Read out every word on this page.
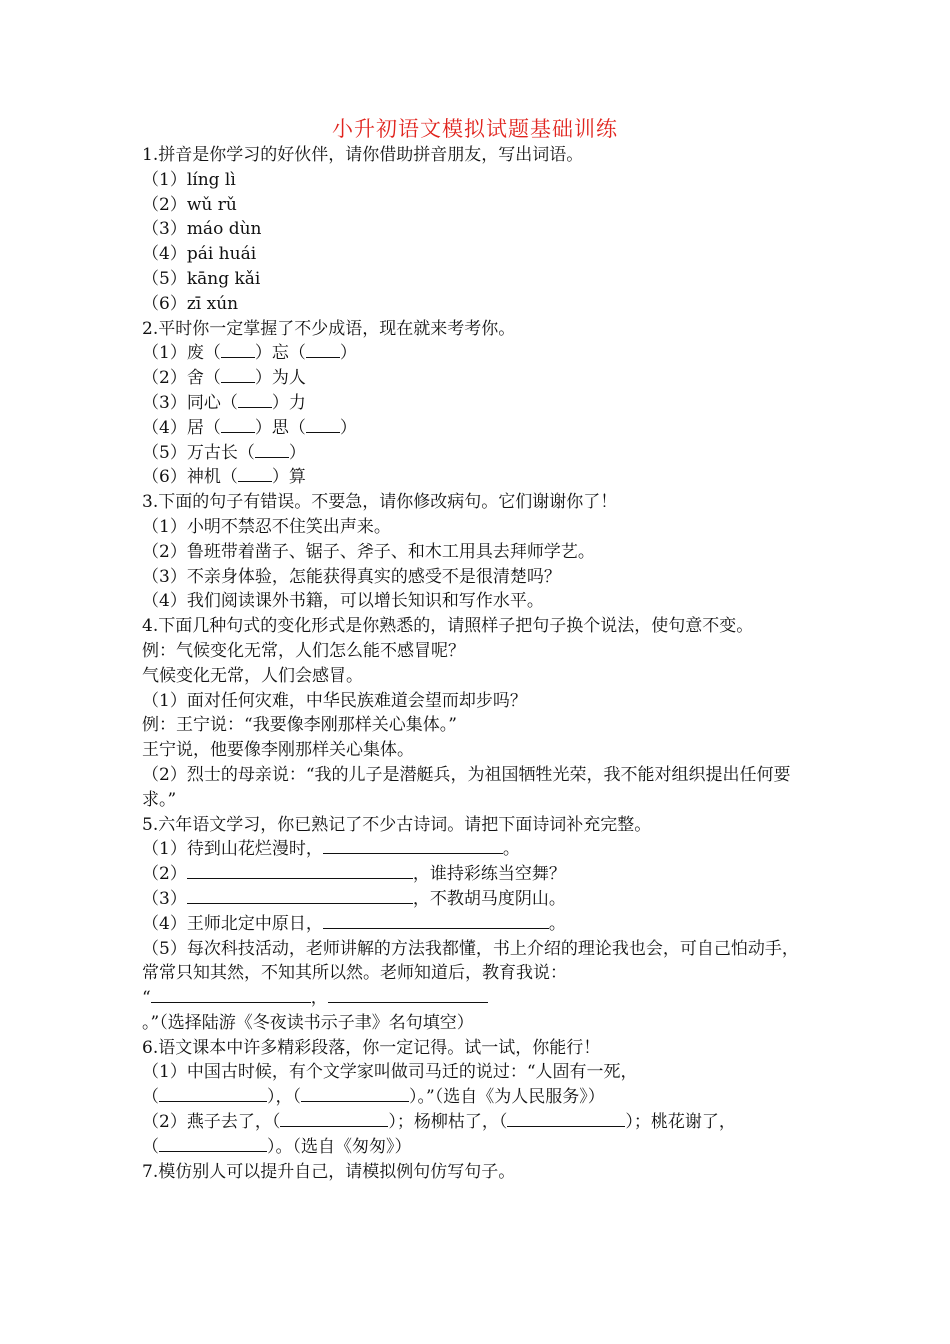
小升初语文模拟试题基础训练
1.拼音是你学习的好伙伴，请你借助拼音朋友，写出词语。
（1）líng lì
（2）wǔ rǔ
（3）máo dùn
（4）pái huái
（5）kāng kǎi
（6）zī xún
2.平时你一定掌握了不少成语，现在就来考考你。
（1）废（ ）忘（ ）
（2）舍（ ）为人
（3）同心（ ）力
（4）居（ ）思（ ）
（5）万古长（ ）
（6）神机（ ）算
3.下面的句子有错误。不要急，请你修改病句。它们谢谢你了！
（1）小明不禁忍不住笑出声来。
（2）鲁班带着凿子、锯子、斧子、和木工用具去拜师学艺。
（3）不亲身体验，怎能获得真实的感受不是很清楚吗？
（4）我们阅读课外书籍，可以增长知识和写作水平。
4.下面几种句式的变化形式是你熟悉的，请照样子把句子换个说法，使句意不变。
例：气候变化无常，人们怎么能不感冒呢？
气候变化无常，人们会感冒。
（1）面对任何灾难，中华民族难道会望而却步吗？
例：王宁说：“我要像李刚那样关心集体。”
王宁说，他要像李刚那样关心集体。
（2）烈士的母亲说：“我的儿子是潜艇兵，为祖国牺牲光荣，我不能对组织提出任何要求。”
5.六年语文学习，你已熟记了不少古诗词。请把下面诗词补充完整。
（1）待到山花烂漫时，	。
（2）	，谁持彩练当空舞？
（3）	，不教胡马度阴山。
（4）王师北定中原日，	。
（5）每次科技活动，老师讲解的方法我都懂，书上介绍的理论我也会，可自己怕动手，常常只知其然，不知其所以然。老师知道后，教育我说：
“	，。”（选择陆游《冬夜读书示子聿》名句填空）
6.语文课本中许多精彩段落，你一定记得。试一试，你能行！
（1）中国古时候，有个文学家叫做司马迁的说过：“人固有一死，
（	），（	）。”（选自《为人民服务》）
（2）燕子去了，（	）；杨柳枯了，（	）；桃花谢了，
（	）。（选自《匆匆》）
7.模仿别人可以提升自己，请模拟例句仿写句子。
